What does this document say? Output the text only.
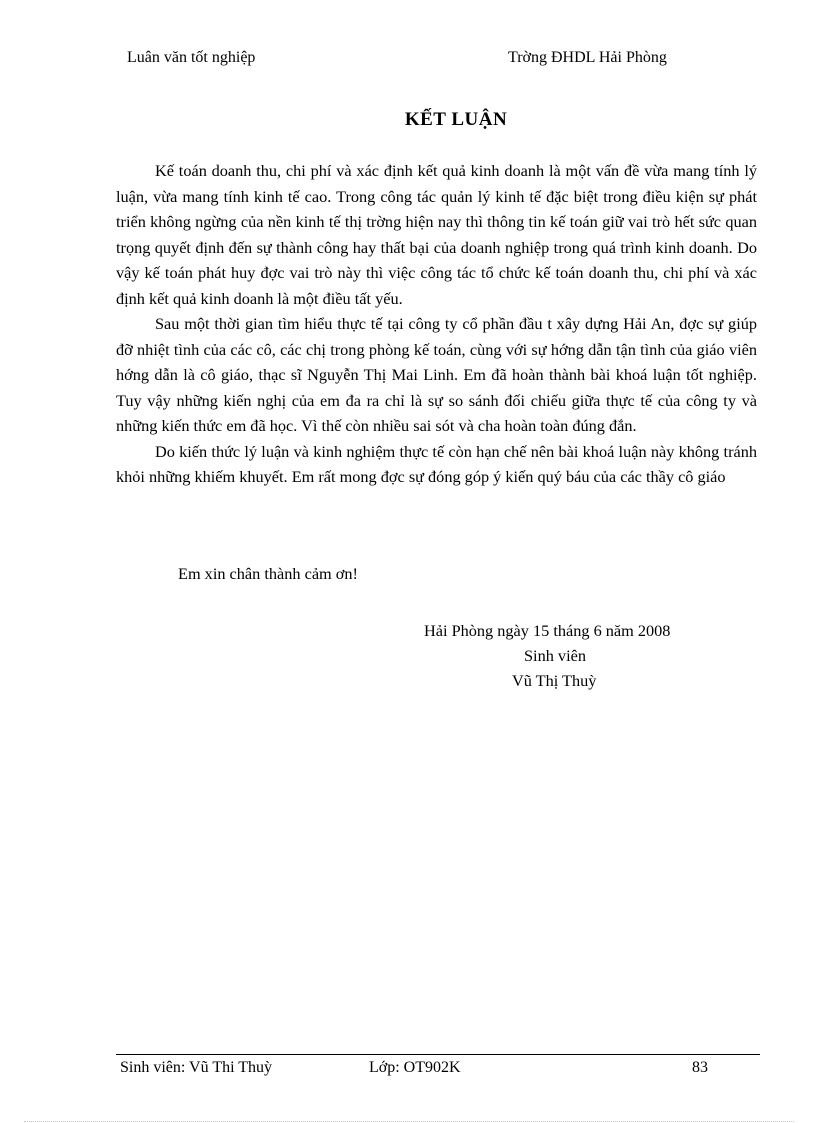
Luân văn tốt nghiệp	Trờng ĐHDL Hải Phòng
KẾT LUẬN

Kế toán doanh thu, chi phí và xác định kết quả kinh doanh là một vấn đề vừa mang tính lý luận, vừa mang tính kinh tế cao. Trong công tác quản lý kinh tế đặc biệt trong điều kiện sự phát triển không ngừng của nền kinh tế thị trờng hiện nay thì thông tin kế toán giữ vai trò hết sức quan trọng quyết định đến sự thành công hay thất bại của doanh nghiệp trong quá trình kinh doanh. Do vậy kế toán phát huy đợc vai trò này thì việc công tác tổ chức kế toán doanh thu, chi phí và xác định kết quả kinh doanh là một điều tất yếu.

Sau một thời gian tìm hiểu thực tế tại công ty cổ phần đầu t xây dựng Hải An, đợc sự giúp đỡ nhiệt tình của các cô, các chị trong phòng kế toán, cùng với sự hớng dẫn tận tình của giáo viên hớng dẫn là cô giáo, thạc sĩ Nguyễn Thị Mai Linh. Em đã hoàn thành bài khoá luận tốt nghiệp. Tuy vậy những kiến nghị của em đa ra chỉ là sự so sánh đối chiếu giữa thực tế của công ty và những kiến thức em đã học. Vì thế còn nhiều sai sót và cha hoàn toàn đúng đắn.

Do kiến thức lý luận và kinh nghiệm thực tế còn hạn chế nên bài khoá luận này không tránh khỏi những khiếm khuyết. Em rất mong đợc sự đóng góp ý kiến quý báu của các thầy cô giáo

Em xin chân thành cảm ơn!
Hải Phòng ngày 15 tháng 6 năm 2008
Sinh viên
Vũ Thị Thuỳ
Sinh viên: Vũ Thi Thuỳ	Lớp: OT902K	83
